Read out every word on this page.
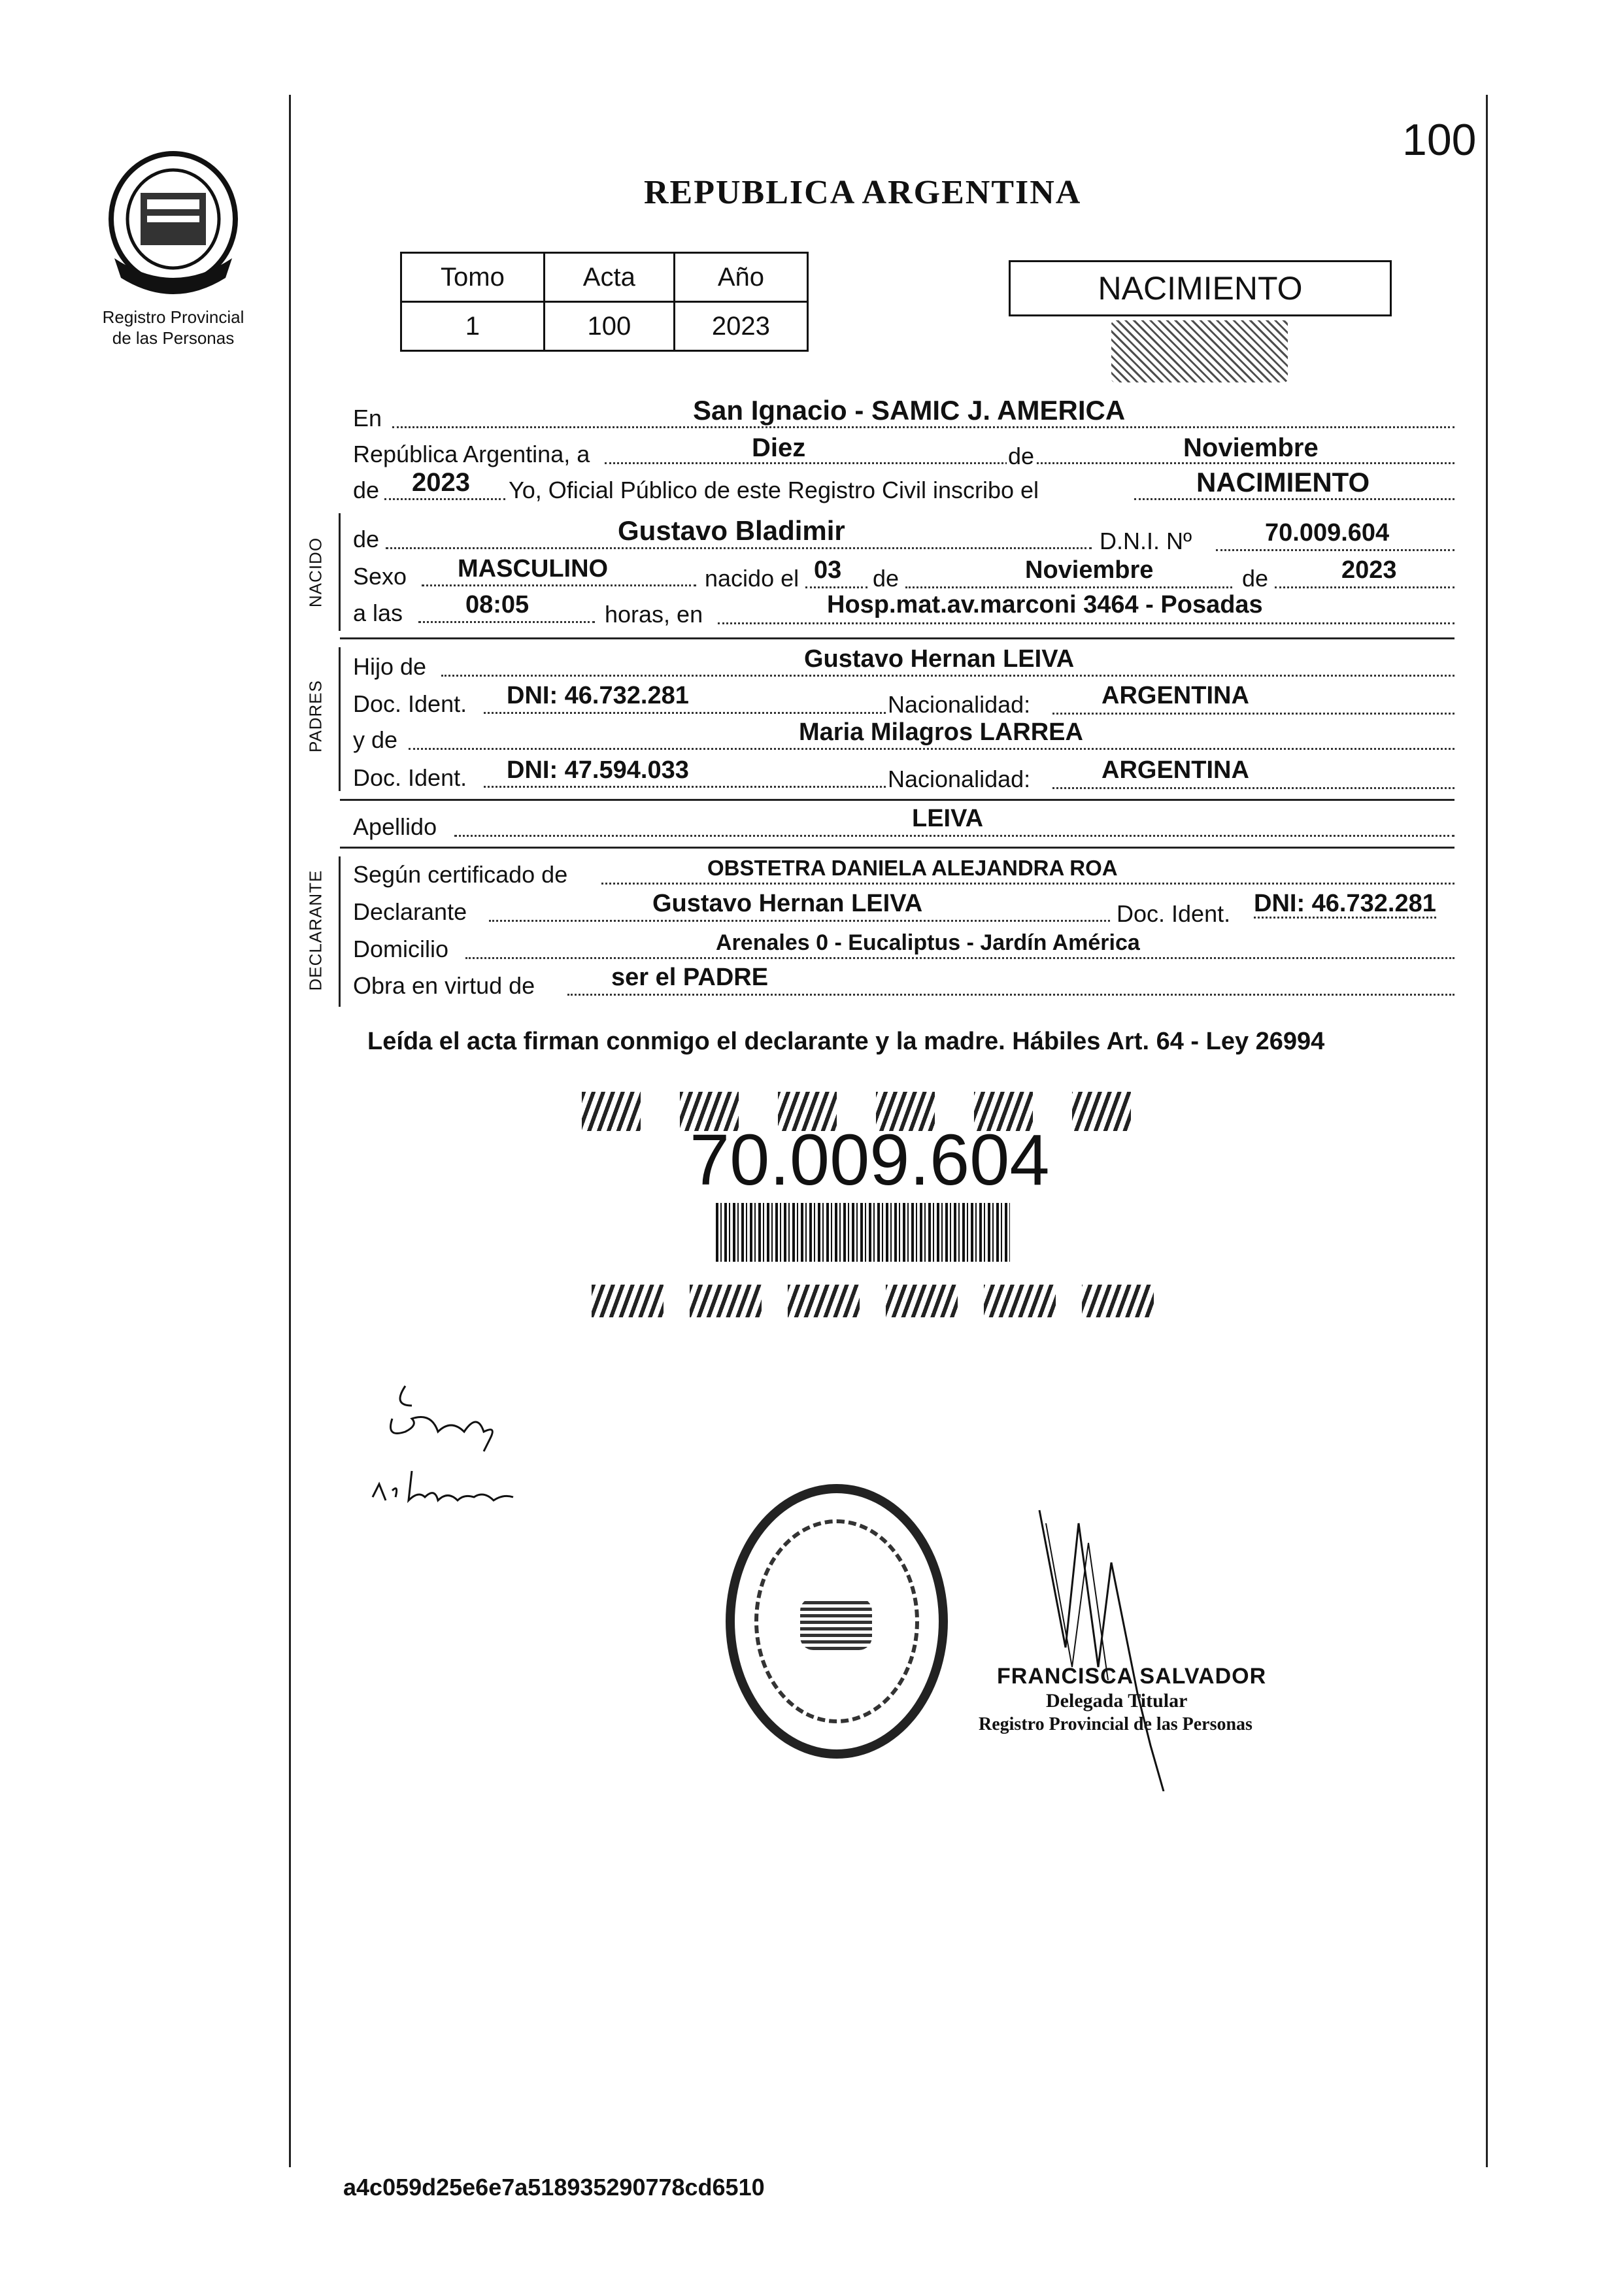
100
Registro Provincial
de las Personas
REPUBLICA ARGENTINA
Tomo	Acta	Año
1	100	2023
NACIMIENTO
En	San Ignacio - SAMIC J. AMERICA
República Argentina, a	Diez	de	Noviembre
de 2023 Yo, Oficial Público de este Registro Civil inscribo el	NACIMIENTO
NACIDO de	Gustavo Bladimir	D.N.I. Nº	70.009.604
Sexo MASCULINO	nacido el 03 de	Noviembre	de	2023
a las	08:05	horas, en	Hosp.mat.av.marconi 3464 - Posadas
PADRES
Hijo de	Gustavo Hernan LEIVA
Doc. Ident. DNI: 46.732.281	Nacionalidad:	ARGENTINA
y de	Maria Milagros LARREA
Doc. Ident. DNI: 47.594.033	Nacionalidad:	ARGENTINA
Apellido	LEIVA
DECLARANTE Según certificado de	OBSTETRA DANIELA ALEJANDRA ROA
Declarante	Gustavo Hernan LEIVA	Doc. Ident. DNI: 46.732.281
Domicilio	Arenales 0 - Eucaliptus - Jardín América
Obra en virtud de	ser el PADRE
Leída el acta firman conmigo el declarante y la madre. Hábiles Art. 64 - Ley 26994
70.009.604
FRANCISCA SALVADOR
Delegada Titular
Registro Provincial de las Personas
a4c059d25e6e7a518935290778cd6510
